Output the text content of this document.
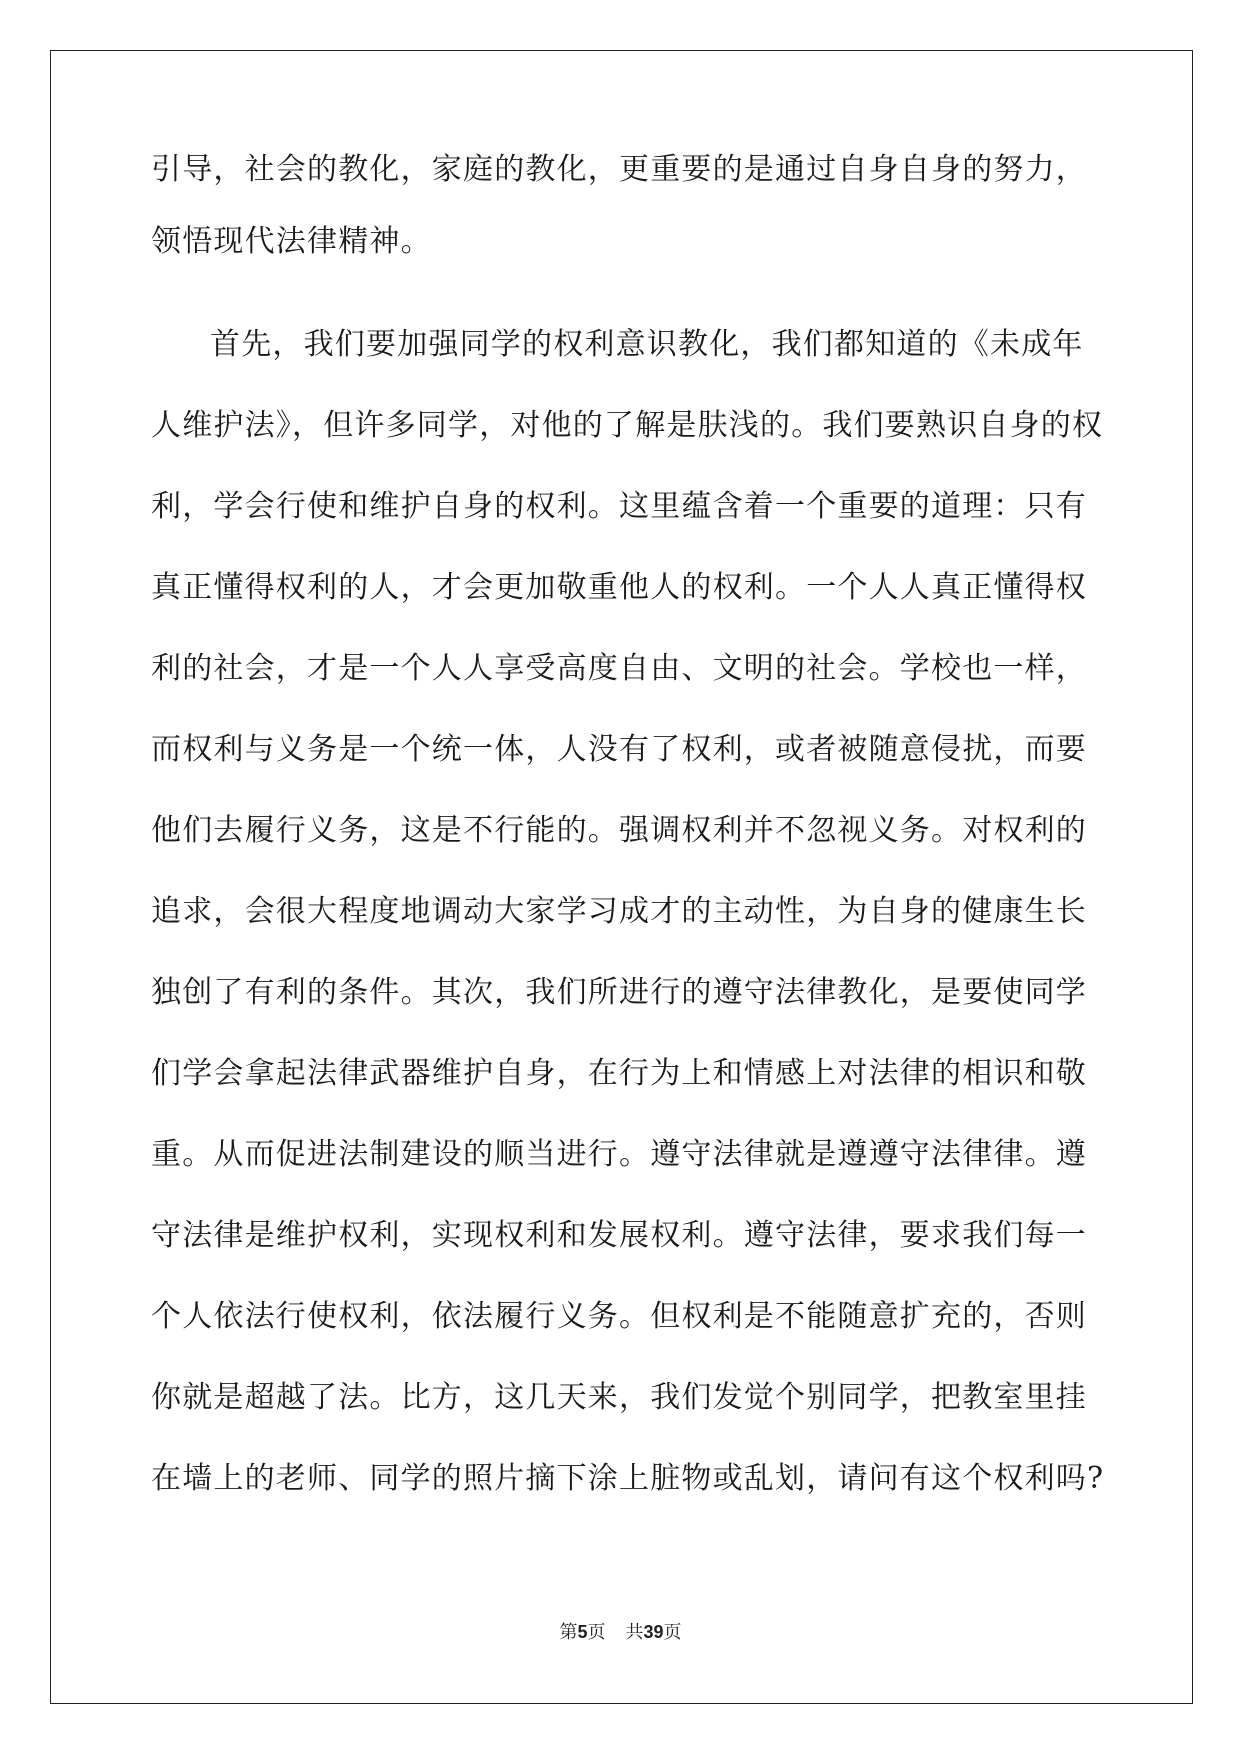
引导，社会的教化，家庭的教化，更重要的是通过自身自身的努力，
领悟现代法律精神。
首先，我们要加强同学的权利意识教化，我们都知道的《未成年
人维护法》，但许多同学，对他的了解是肤浅的。我们要熟识自身的权
利，学会行使和维护自身的权利。这里蕴含着一个重要的道理：只有
真正懂得权利的人，才会更加敬重他人的权利。一个人人真正懂得权
利的社会，才是一个人人享受高度自由、文明的社会。学校也一样，
而权利与义务是一个统一体，人没有了权利，或者被随意侵扰，而要
他们去履行义务，这是不行能的。强调权利并不忽视义务。对权利的
追求，会很大程度地调动大家学习成才的主动性，为自身的健康生长
独创了有利的条件。其次，我们所进行的遵守法律教化，是要使同学
们学会拿起法律武器维护自身，在行为上和情感上对法律的相识和敬
重。从而促进法制建设的顺当进行。遵守法律就是遵遵守法律律。遵
守法律是维护权利，实现权利和发展权利。遵守法律，要求我们每一
个人依法行使权利，依法履行义务。但权利是不能随意扩充的，否则
你就是超越了法。比方，这几天来，我们发觉个别同学，把教室里挂
在墙上的老师、同学的照片摘下涂上脏物或乱划，请问有这个权利吗?
第5页 共39页
